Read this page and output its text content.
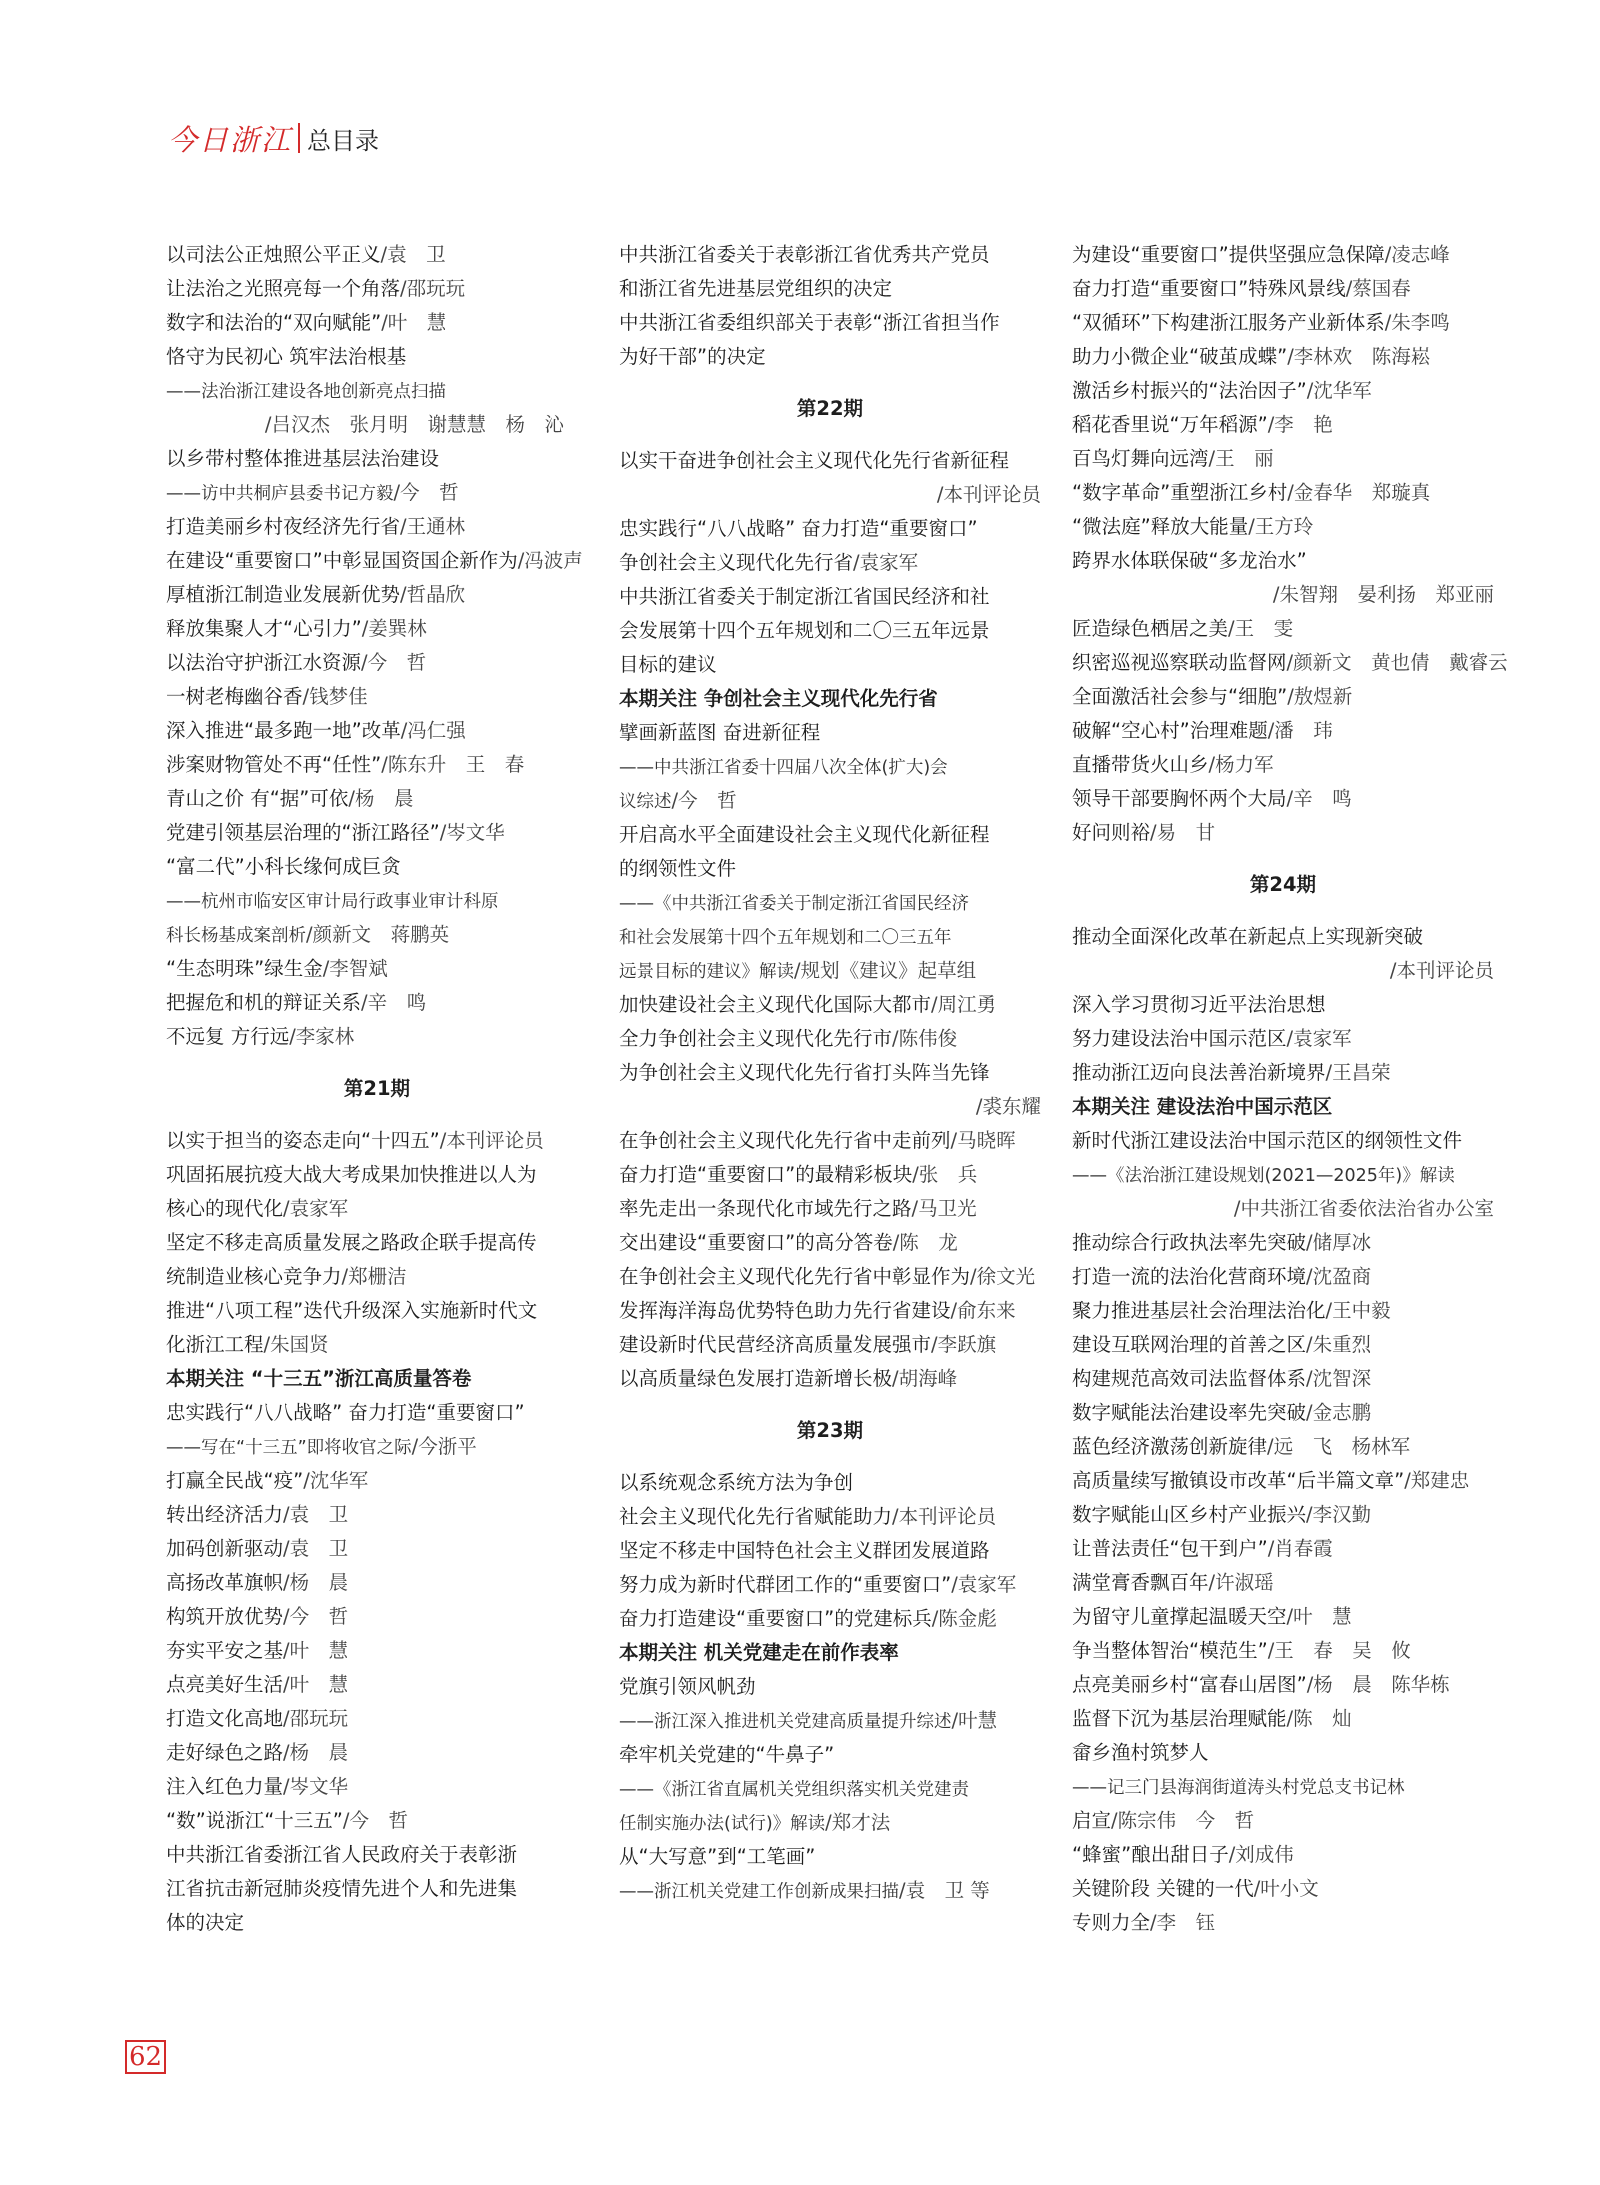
今日浙江 总目录
以司法公正烛照公平正义/袁　卫
让法治之光照亮每一个角落/邵玩玩
数字和法治的“双向赋能”/叶　慧
恪守为民初心 筑牢法治根基
——法治浙江建设各地创新亮点扫描
/吕汉杰　张月明　谢慧慧　杨　沁
以乡带村整体推进基层法治建设
——访中共桐庐县委书记方毅/今　哲
打造美丽乡村夜经济先行省/王通林
在建设“重要窗口”中彰显国资国企新作为/冯波声
厚植浙江制造业发展新优势/哲晶欣
释放集聚人才“心引力”/姜巽林
以法治守护浙江水资源/今　哲
一树老梅幽谷香/钱梦佳
深入推进“最多跑一地”改革/冯仁强
涉案财物管处不再“任性”/陈东升　王　春
青山之价 有“据”可依/杨　晨
党建引领基层治理的“浙江路径”/岑文华
“富二代”小科长缘何成巨贪
——杭州市临安区审计局行政事业审计科原
科长杨基成案剖析/颜新文　蒋鹏英
“生态明珠”绿生金/李智斌
把握危和机的辩证关系/辛　鸣
不远复 方行远/李家林
第21期
以实于担当的姿态走向“十四五”/本刊评论员
巩固拓展抗疫大战大考成果加快推进以人为
核心的现代化/袁家军
坚定不移走高质量发展之路政企联手提高传
统制造业核心竞争力/郑栅洁
推进“八项工程”迭代升级深入实施新时代文
化浙江工程/朱国贤
本期关注 “十三五”浙江高质量答卷
忠实践行“八八战略” 奋力打造“重要窗口”
——写在“十三五”即将收官之际/今浙平
打赢全民战“疫”/沈华军
转出经济活力/袁　卫
加码创新驱动/袁　卫
高扬改革旗帜/杨　晨
构筑开放优势/今　哲
夯实平安之基/叶　慧
点亮美好生活/叶　慧
打造文化高地/邵玩玩
走好绿色之路/杨　晨
注入红色力量/岑文华
“数”说浙江“十三五”/今　哲
中共浙江省委浙江省人民政府关于表彰浙
江省抗击新冠肺炎疫情先进个人和先进集
体的决定
中共浙江省委关于表彰浙江省优秀共产党员
和浙江省先进基层党组织的决定
中共浙江省委组织部关于表彰“浙江省担当作
为好干部”的决定
第22期
以实干奋进争创社会主义现代化先行省新征程
/本刊评论员
忠实践行“八八战略” 奋力打造“重要窗口”
争创社会主义现代化先行省/袁家军
中共浙江省委关于制定浙江省国民经济和社
会发展第十四个五年规划和二〇三五年远景
目标的建议
本期关注 争创社会主义现代化先行省
擘画新蓝图 奋进新征程
——中共浙江省委十四届八次全体(扩大)会
议综述/今　哲
开启高水平全面建设社会主义现代化新征程
的纲领性文件
——《中共浙江省委关于制定浙江省国民经济
和社会发展第十四个五年规划和二〇三五年
远景目标的建议》解读/规划《建议》起草组
加快建设社会主义现代化国际大都市/周江勇
全力争创社会主义现代化先行市/陈伟俊
为争创社会主义现代化先行省打头阵当先锋
/裘东耀
在争创社会主义现代化先行省中走前列/马晓晖
奋力打造“重要窗口”的最精彩板块/张　兵
率先走出一条现代化市域先行之路/马卫光
交出建设“重要窗口”的高分答卷/陈　龙
在争创社会主义现代化先行省中彰显作为/徐文光
发挥海洋海岛优势特色助力先行省建设/俞东来
建设新时代民营经济高质量发展强市/李跃旗
以高质量绿色发展打造新增长极/胡海峰
第23期
以系统观念系统方法为争创
社会主义现代化先行省赋能助力/本刊评论员
坚定不移走中国特色社会主义群团发展道路
努力成为新时代群团工作的“重要窗口”/袁家军
奋力打造建设“重要窗口”的党建标兵/陈金彪
本期关注 机关党建走在前作表率
党旗引领风帆劲
——浙江深入推进机关党建高质量提升综述/叶慧
牵牢机关党建的“牛鼻子”
——《浙江省直属机关党组织落实机关党建责
任制实施办法(试行)》解读/郑才法
从“大写意”到“工笔画”
——浙江机关党建工作创新成果扫描/袁　卫 等
为建设“重要窗口”提供坚强应急保障/凌志峰
奋力打造“重要窗口”特殊风景线/蔡国春
“双循环”下构建浙江服务产业新体系/朱李鸣
助力小微企业“破茧成蝶”/李林欢　陈海崧
激活乡村振兴的“法治因子”/沈华军
稻花香里说“万年稻源”/李　艳
百鸟灯舞向远湾/王　丽
“数字革命”重塑浙江乡村/金春华　郑璇真
“微法庭”释放大能量/王方玲
跨界水体联保破“多龙治水”
/朱智翔　晏利扬　郑亚丽
匠造绿色栖居之美/王　雯
织密巡视巡察联动监督网/颜新文　黄也倩　戴睿云
全面激活社会参与“细胞”/敖煜新
破解“空心村”治理难题/潘　玮
直播带货火山乡/杨力军
领导干部要胸怀两个大局/辛　鸣
好问则裕/易　甘
第24期
推动全面深化改革在新起点上实现新突破
/本刊评论员
深入学习贯彻习近平法治思想
努力建设法治中国示范区/袁家军
推动浙江迈向良法善治新境界/王昌荣
本期关注 建设法治中国示范区
新时代浙江建设法治中国示范区的纲领性文件
——《法治浙江建设规划(2021—2025年)》解读
/中共浙江省委依法治省办公室
推动综合行政执法率先突破/储厚冰
打造一流的法治化营商环境/沈盈商
聚力推进基层社会治理法治化/王中毅
建设互联网治理的首善之区/朱重烈
构建规范高效司法监督体系/沈智深
数字赋能法治建设率先突破/金志鹏
蓝色经济激荡创新旋律/远　飞　杨林军
高质量续写撤镇设市改革“后半篇文章”/郑建忠
数字赋能山区乡村产业振兴/李汉勤
让普法责任“包干到户”/肖春霞
满堂膏香飘百年/许淑瑶
为留守儿童撑起温暖天空/叶　慧
争当整体智治“模范生”/王　春　吴　攸
点亮美丽乡村“富春山居图”/杨　晨　陈华栋
监督下沉为基层治理赋能/陈　灿
畲乡渔村筑梦人
——记三门县海润街道涛头村党总支书记林
启宣/陈宗伟　今　哲
“蜂蜜”酿出甜日子/刘成伟
关键阶段 关键的一代/叶小文
专则力全/李　钰
62
